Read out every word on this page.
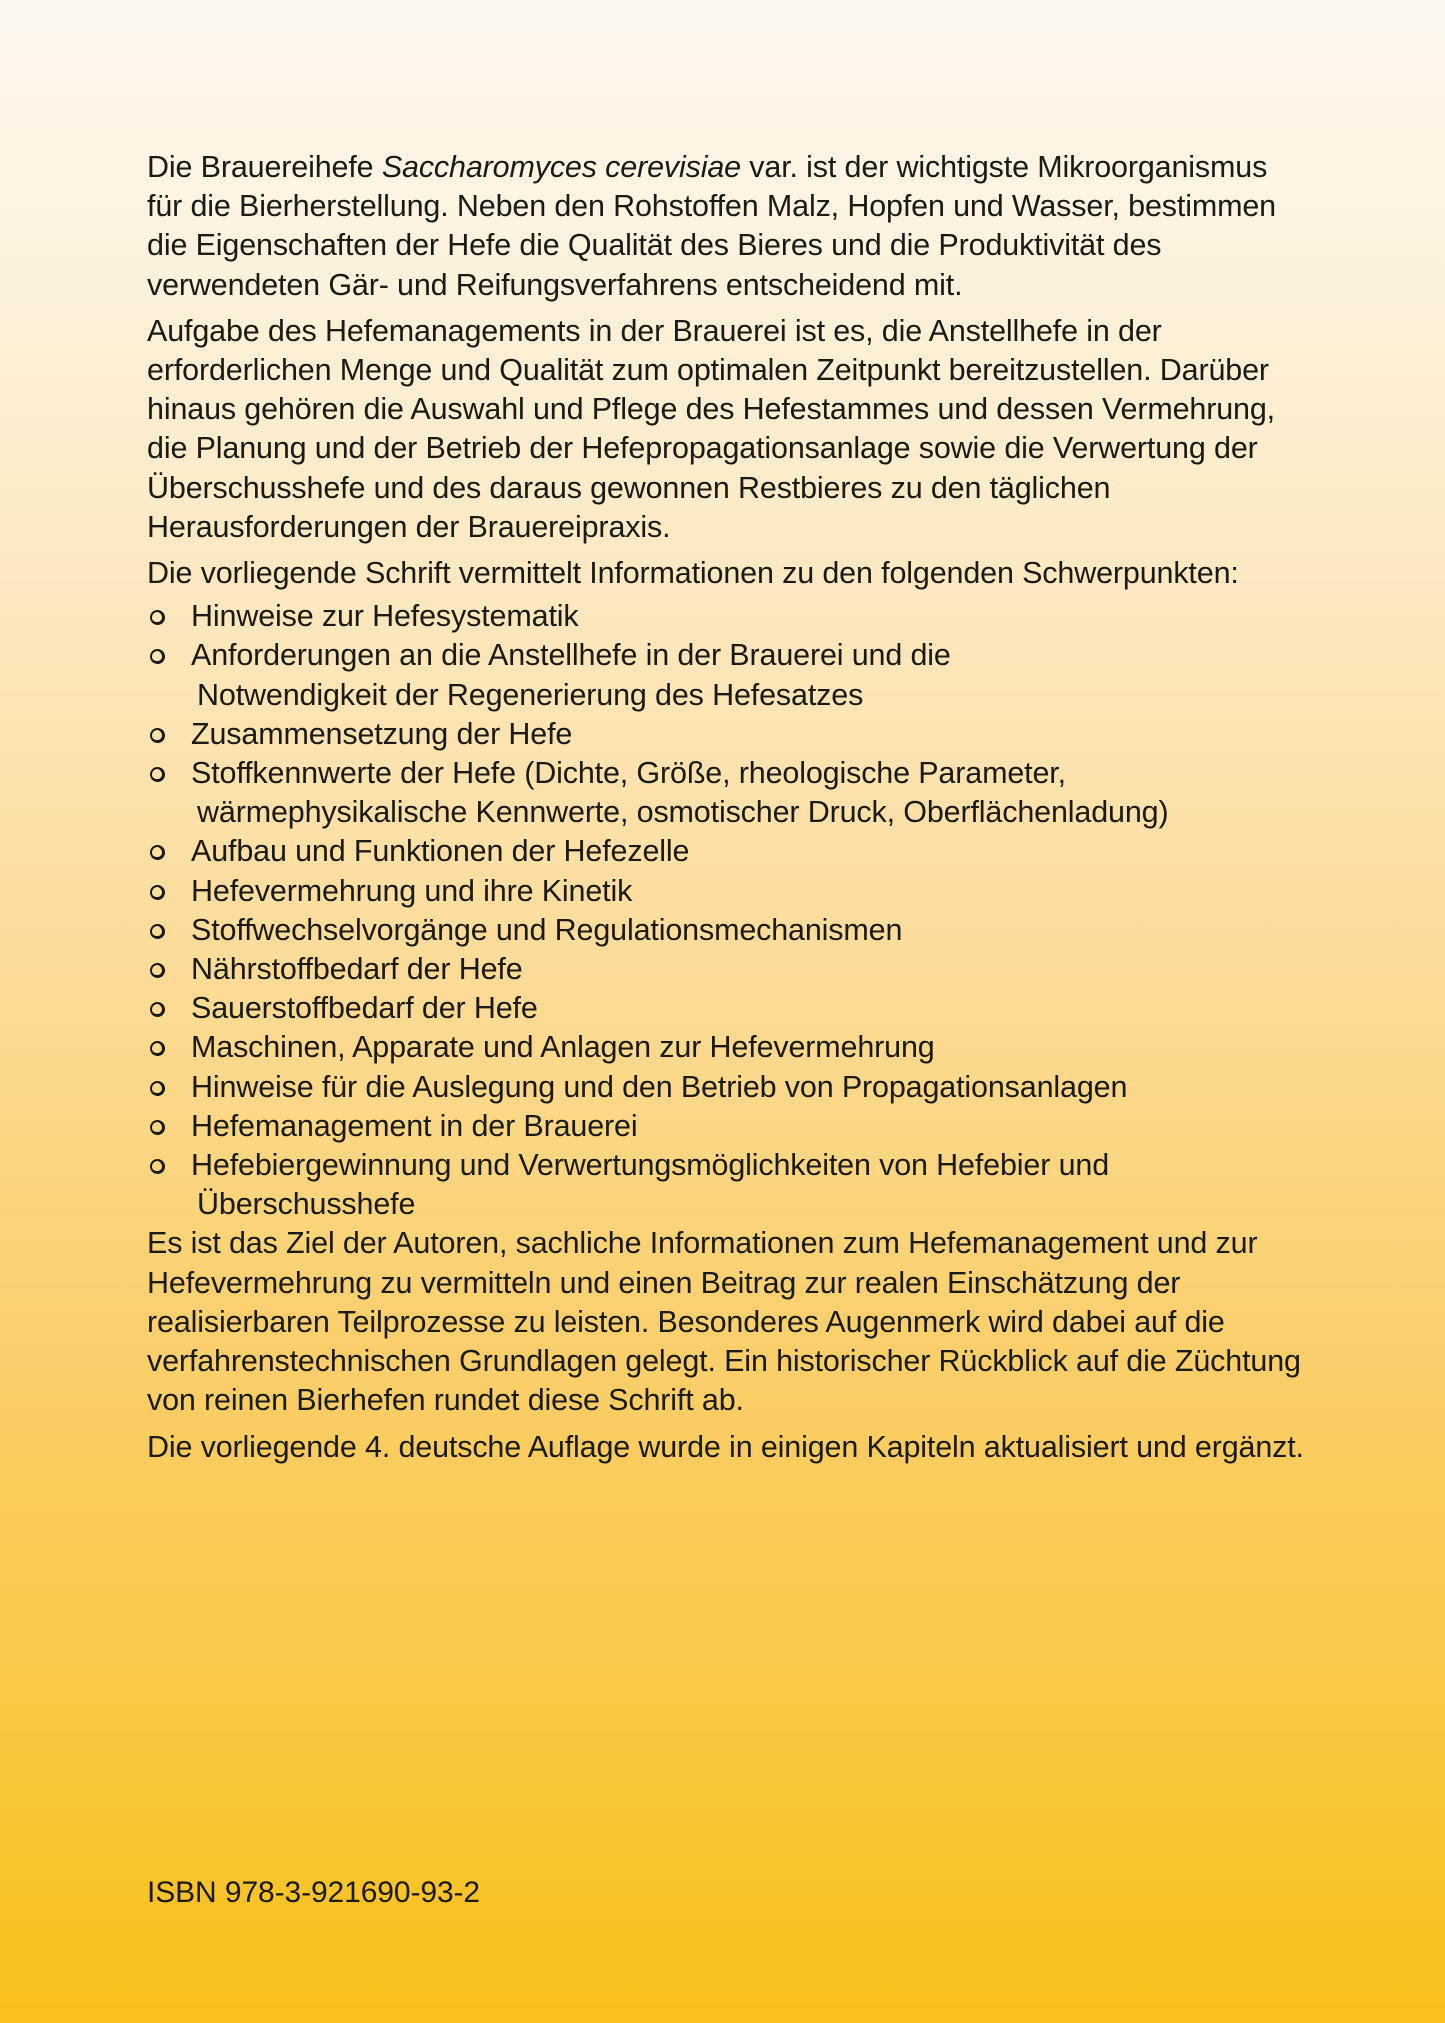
Die Brauereihefe Saccharomyces cerevisiae var. ist der wichtigste Mikroorganismus für die Bierherstellung. Neben den Rohstoffen Malz, Hopfen und Wasser, bestimmen die Eigenschaften der Hefe die Qualität des Bieres und die Produktivität des verwendeten Gär- und Reifungsverfahrens entscheidend mit.

Aufgabe des Hefemanagements in der Brauerei ist es, die Anstellhefe in der erforderlichen Menge und Qualität zum optimalen Zeitpunkt bereitzustellen. Darüber hinaus gehören die Auswahl und Pflege des Hefestammes und dessen Vermehrung, die Planung und der Betrieb der Hefepropagationsanlage sowie die Verwertung der Überschusshefe und des daraus gewonnen Restbieres zu den täglichen Herausforderungen der Brauereipraxis.

Die vorliegende Schrift vermittelt Informationen zu den folgenden Schwerpunkten:

Hinweise zur Hefesystematik
Anforderungen an die Anstellhefe in der Brauerei und die
Notwendigkeit der Regenerierung des Hefesatzes
Zusammensetzung der Hefe
Stoffkennwerte der Hefe (Dichte, Größe, rheologische Parameter,
wärmephysikalische Kennwerte, osmotischer Druck, Oberflächenladung)
Aufbau und Funktionen der Hefezelle
Hefevermehrung und ihre Kinetik
Stoffwechselvorgänge und Regulationsmechanismen
Nährstoffbedarf der Hefe
Sauerstoffbedarf der Hefe
Maschinen, Apparate und Anlagen zur Hefevermehrung
Hinweise für die Auslegung und den Betrieb von Propagationsanlagen
Hefemanagement in der Brauerei
Hefebiergewinnung und Verwertungsmöglichkeiten von Hefebier und
Überschusshefe

Es ist das Ziel der Autoren, sachliche Informationen zum Hefemanagement und zur Hefevermehrung zu vermitteln und einen Beitrag zur realen Einschätzung der realisierbaren Teilprozesse zu leisten. Besonderes Augenmerk wird dabei auf die verfahrenstechnischen Grundlagen gelegt. Ein historischer Rückblick auf die Züchtung von reinen Bierhefen rundet diese Schrift ab.

Die vorliegende 4. deutsche Auflage wurde in einigen Kapiteln aktualisiert und ergänzt.

ISBN 978-3-921690-93-2
